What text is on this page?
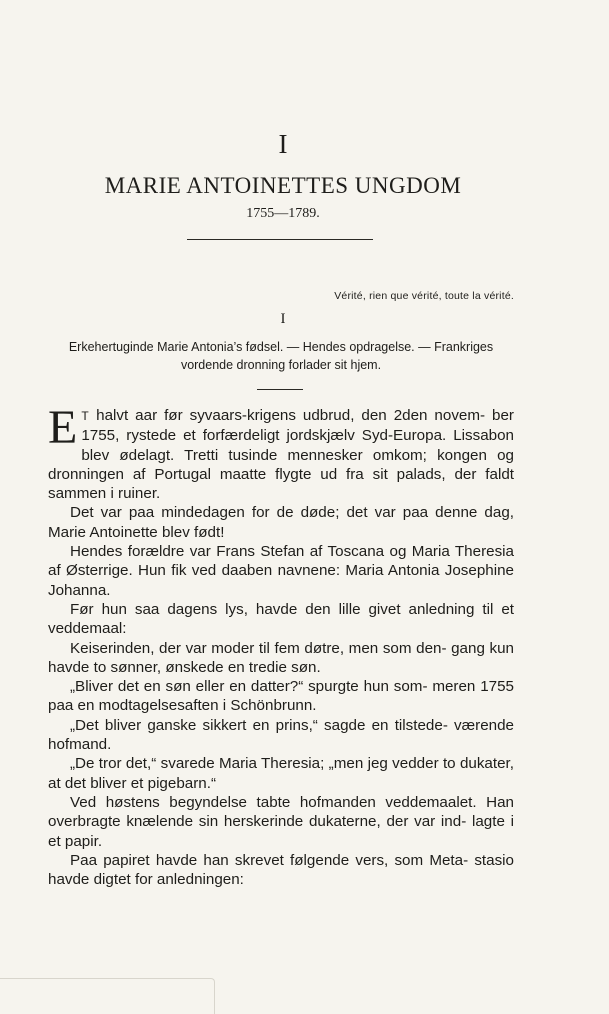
I
MARIE ANTOINETTES UNGDOM
1755—1789.
Vérité, rien que vérité, toute la vérité.
I
Erkehertuginde Marie Antonia’s fødsel. — Hendes opdragelse. — Frankriges vordende dronning forlader sit hjem.

E T halvt aar før syvaars-krigens udbrud, den 2den novem- ber 1755, rystede et forfærdeligt jordskjælv Syd-Europa. Lissabon blev ødelagt. Tretti tusinde mennesker omkom; kongen og dronningen af Portugal maatte flygte ud fra sit palads, der faldt sammen i ruiner.

Det var paa mindedagen for de døde; det var paa denne dag, Marie Antoinette blev født!

Hendes forældre var Frans Stefan af Toscana og Maria Theresia af Østerrige. Hun fik ved daaben navnene: Maria Antonia Josephine Johanna.

Før hun saa dagens lys, havde den lille givet anledning til et veddemaal:

Keiserinden, der var moder til fem døtre, men som den- gang kun havde to sønner, ønskede en tredie søn.

„Bliver det en søn eller en datter?“ spurgte hun som- meren 1755 paa en modtagelsesaften i Schönbrunn.

„Det bliver ganske sikkert en prins,“ sagde en tilstede- værende hofmand.

„De tror det,“ svarede Maria Theresia; „men jeg vedder to dukater, at det bliver et pigebarn.“

Ved høstens begyndelse tabte hofmanden veddemaalet. Han overbragte knælende sin herskerinde dukaterne, der var ind- lagte i et papir.

Paa papiret havde han skrevet følgende vers, som Meta- stasio havde digtet for anledningen:
